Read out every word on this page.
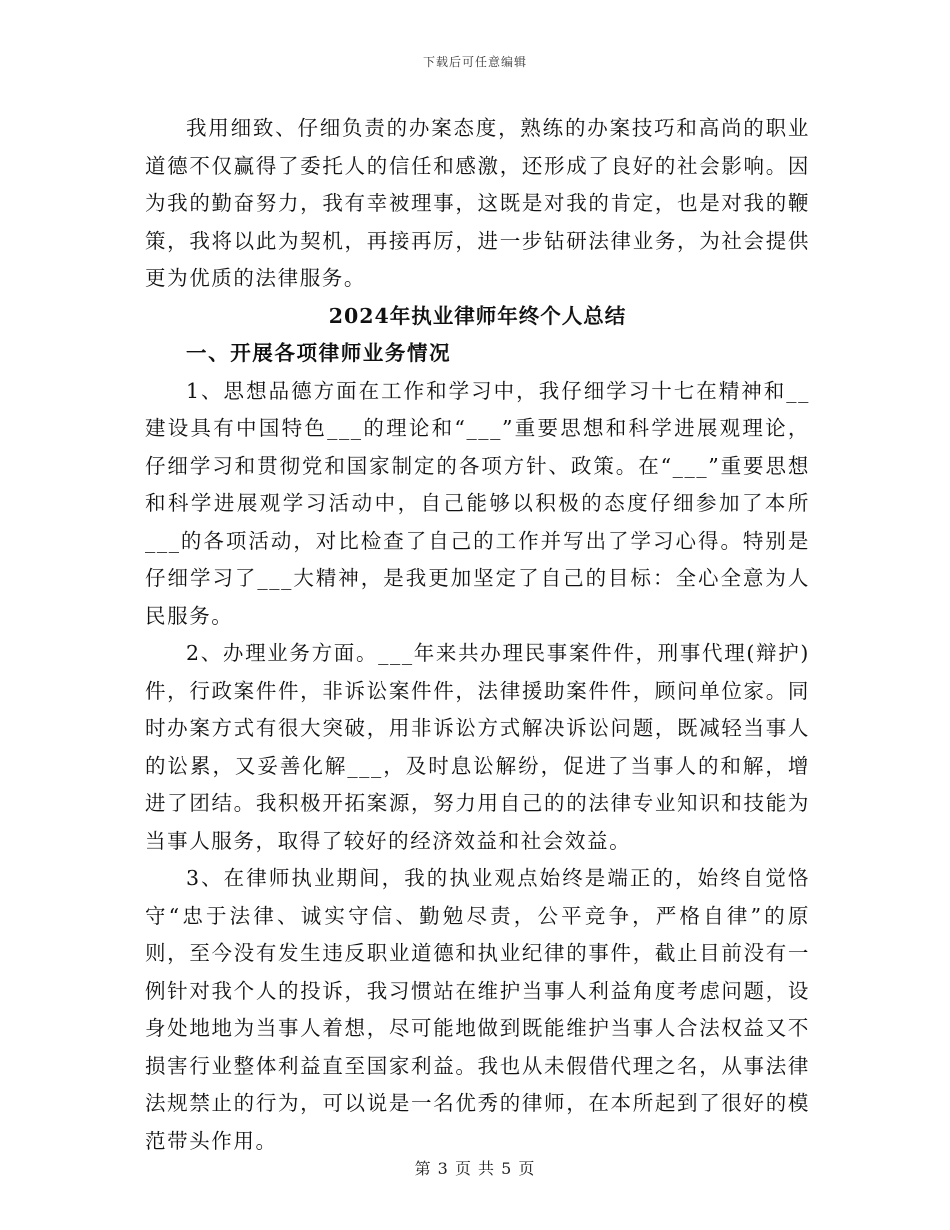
下载后可任意编辑

我用细致、仔细负责的办案态度，熟练的办案技巧和高尚的职业道德不仅赢得了委托人的信任和感激，还形成了良好的社会影响。因为我的勤奋努力，我有幸被理事，这既是对我的肯定，也是对我的鞭策，我将以此为契机，再接再厉，进一步钻研法律业务，为社会提供更为优质的法律服务。

2024年执业律师年终个人总结

一、开展各项律师业务情况

1、思想品德方面在工作和学习中，我仔细学习十七在精神和__建设具有中国特色___的理论和“___”重要思想和科学进展观理论，仔细学习和贯彻党和国家制定的各项方针、政策。在“___”重要思想和科学进展观学习活动中，自己能够以积极的态度仔细参加了本所___的各项活动，对比检查了自己的工作并写出了学习心得。特别是仔细学习了___大精神，是我更加坚定了自己的目标：全心全意为人民服务。

2、办理业务方面。___年来共办理民事案件件，刑事代理(辩护)件，行政案件件，非诉讼案件件，法律援助案件件，顾问单位家。同时办案方式有很大突破，用非诉讼方式解决诉讼问题，既减轻当事人的讼累，又妥善化解___，及时息讼解纷，促进了当事人的和解，增进了团结。我积极开拓案源，努力用自己的的法律专业知识和技能为当事人服务，取得了较好的经济效益和社会效益。

3、在律师执业期间，我的执业观点始终是端正的，始终自觉恪守“忠于法律、诚实守信、勤勉尽责，公平竞争，严格自律”的原则，至今没有发生违反职业道德和执业纪律的事件，截止目前没有一例针对我个人的投诉，我习惯站在维护当事人利益角度考虑问题，设身处地地为当事人着想，尽可能地做到既能维护当事人合法权益又不损害行业整体利益直至国家利益。我也从未假借代理之名，从事法律法规禁止的行为，可以说是一名优秀的律师，在本所起到了很好的模范带头作用。

第 3 页 共 5 页
